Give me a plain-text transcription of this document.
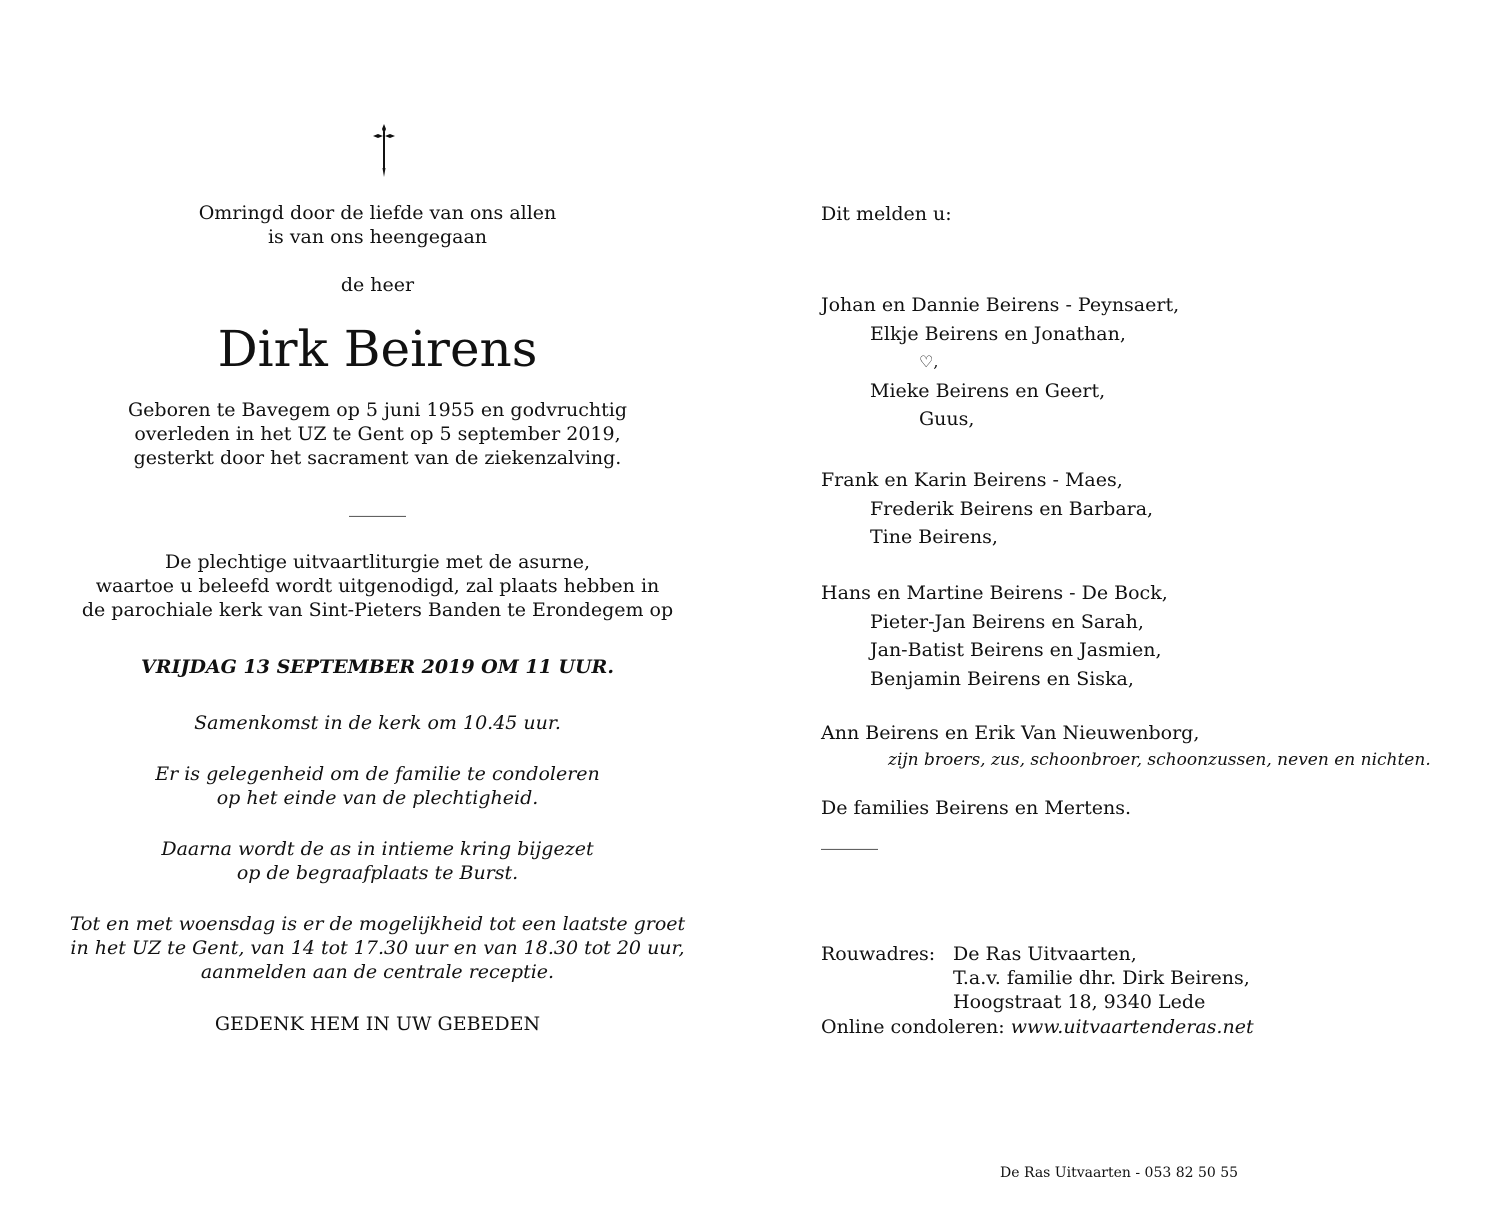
Omringd door de liefde van ons allen
is van ons heengegaan
de heer
Dirk Beirens
Geboren te Bavegem op 5 juni 1955 en godvruchtig
overleden in het UZ te Gent op 5 september 2019,
gesterkt door het sacrament van de ziekenzalving.
______
De plechtige uitvaartliturgie met de asurne,
waartoe u beleefd wordt uitgenodigd, zal plaats hebben in
de parochiale kerk van Sint-Pieters Banden te Erondegem op
VRIJDAG 13 SEPTEMBER 2019 OM 11 UUR.
Samenkomst in de kerk om 10.45 uur.
Er is gelegenheid om de familie te condoleren
op het einde van de plechtigheid.
Daarna wordt de as in intieme kring bijgezet
op de begraafplaats te Burst.
Tot en met woensdag is er de mogelijkheid tot een laatste groet
in het UZ te Gent, van 14 tot 17.30 uur en van 18.30 tot 20 uur,
aanmelden aan de centrale receptie.
GEDENK HEM IN UW GEBEDEN
Dit melden u:
Johan en Dannie Beirens - Peynsaert,
Elkje Beirens en Jonathan,
♡,
Mieke Beirens en Geert,
Guus,
Frank en Karin Beirens - Maes,
Frederik Beirens en Barbara,
Tine Beirens,
Hans en Martine Beirens - De Bock,
Pieter-Jan Beirens en Sarah,
Jan-Batist Beirens en Jasmien,
Benjamin Beirens en Siska,
Ann Beirens en Erik Van Nieuwenborg,
zijn broers, zus, schoonbroer, schoonzussen, neven en nichten.
De families Beirens en Mertens.
______
Rouwadres: De Ras Uitvaarten,
T.a.v. familie dhr. Dirk Beirens,
Hoogstraat 18, 9340 Lede
Online condoleren: www.uitvaartenderas.net
De Ras Uitvaarten - 053 82 50 55
